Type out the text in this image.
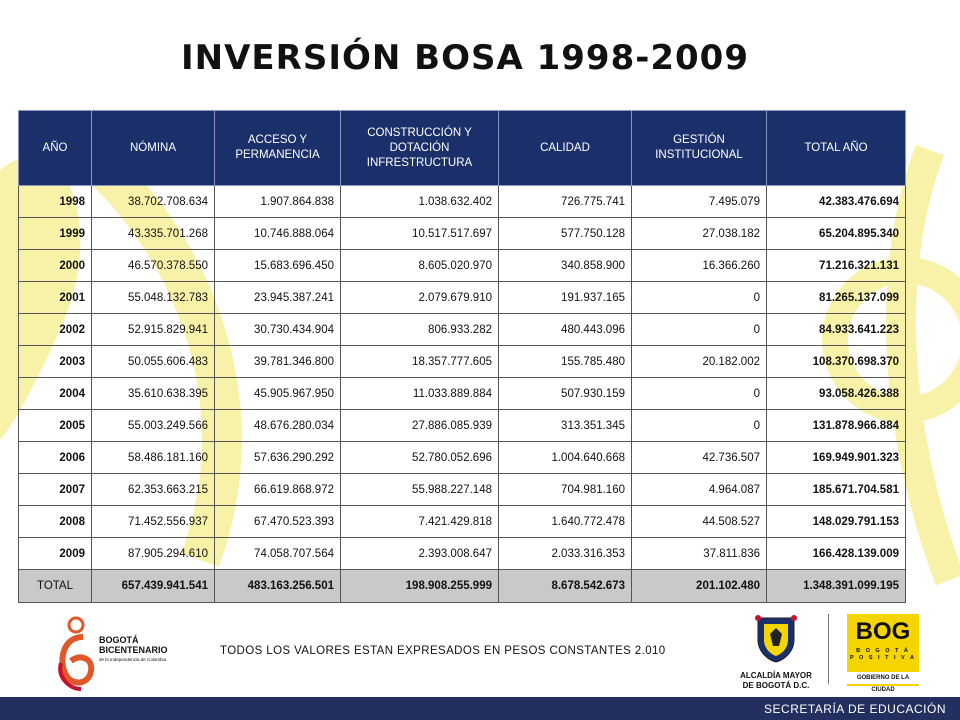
INVERSIÓN BOSA 1998-2009
AÑO	NÓMINA	ACCESO Y PERMANENCIA	CONSTRUCCIÓN Y DOTACIÓN INFRESTRUCTURA	CALIDAD	GESTIÓN INSTITUCIONAL	TOTAL AÑO
1998	38.702.708.634	1.907.864.838	1.038.632.402	726.775.741	7.495.079	42.383.476.694
1999	43.335.701.268	10.746.888.064	10.517.517.697	577.750.128	27.038.182	65.204.895.340
2000	46.570.378.550	15.683.696.450	8.605.020.970	340.858.900	16.366.260	71.216.321.131
2001	55.048.132.783	23.945.387.241	2.079.679.910	191.937.165	0	81.265.137.099
2002	52.915.829.941	30.730.434.904	806.933.282	480.443.096	0	84.933.641.223
2003	50.055.606.483	39.781.346.800	18.357.777.605	155.785.480	20.182.002	108.370.698.370
2004	35.610.638.395	45.905.967.950	11.033.889.884	507.930.159	0	93.058.426.388
2005	55.003.249.566	48.676.280.034	27.886.085.939	313.351.345	0	131.878.966.884
2006	58.486.181.160	57.636.290.292	52.780.052.696	1.004.640.668	42.736.507	169.949.901.323
2007	62.353.663.215	66.619.868.972	55.988.227.148	704.981.160	4.964.087	185.671.704.581
2008	71.452.556.937	67.470.523.393	7.421.429.818	1.640.772.478	44.508.527	148.029.791.153
2009	87.905.294.610	74.058.707.564	2.393.008.647	2.033.316.353	37.811.836	166.428.139.009
TOTAL	657.439.941.541	483.163.256.501	198.908.255.999	8.678.542.673	201.102.480	1.348.391.099.195
TODOS LOS VALORES ESTAN EXPRESADOS EN PESOS CONSTANTES 2.010
BOGOTÁ
BICENTENARIO
de la Independencia de Colombia
ALCALDÍA MAYOR
DE BOGOTÁ D.C.
BOG
B O G O T Á
P O S I T I V A
GOBIERNO DE LA CIUDAD
SECRETARÍA DE EDUCACIÓN
